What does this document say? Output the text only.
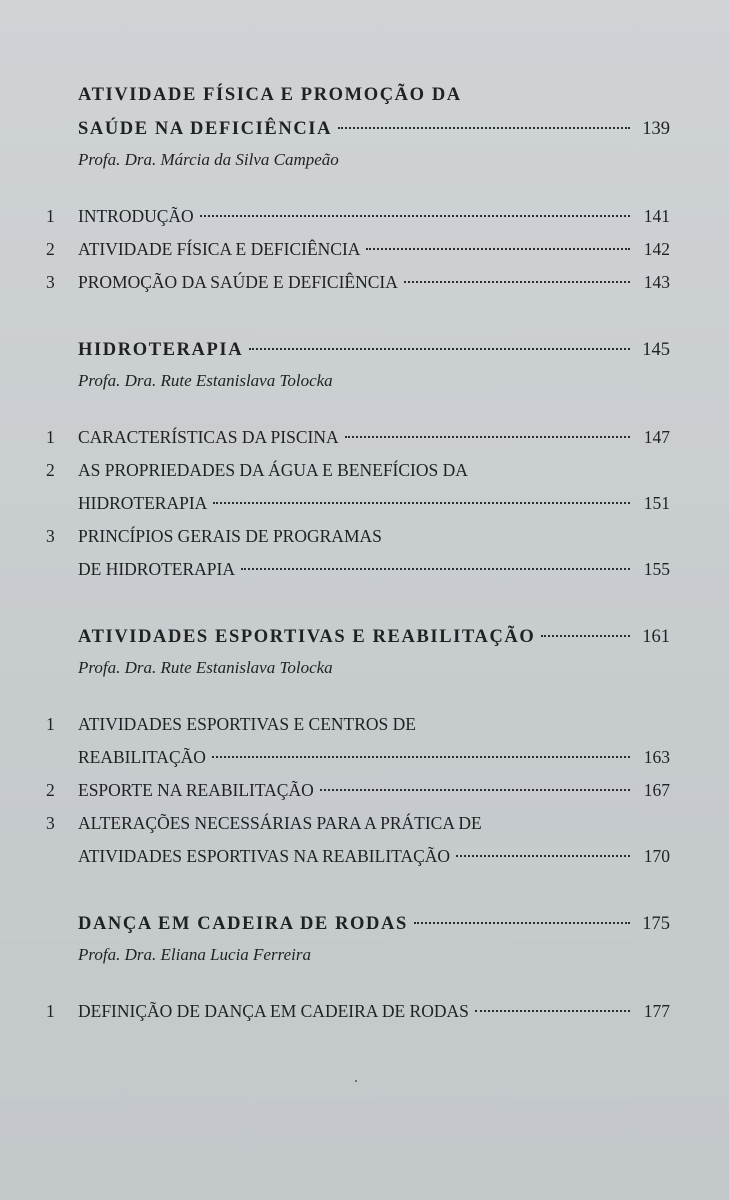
ATIVIDADE FÍSICA E PROMOÇÃO DA
SAÚDE NA DEFICIÊNCIA	139
Profa. Dra. Márcia da Silva Campeão
1	INTRODUÇÃO	141
2	ATIVIDADE FÍSICA E DEFICIÊNCIA	142
3	PROMOÇÃO DA SAÚDE E DEFICIÊNCIA	143
HIDROTERAPIA	145
Profa. Dra. Rute Estanislava Tolocka
1	CARACTERÍSTICAS DA PISCINA	147
2	AS PROPRIEDADES DA ÁGUA E BENEFÍCIOS DA
HIDROTERAPIA	151
3	PRINCÍPIOS GERAIS DE PROGRAMAS
DE HIDROTERAPIA	155
ATIVIDADES ESPORTIVAS E REABILITAÇÃO	161
Profa. Dra. Rute Estanislava Tolocka
1	ATIVIDADES ESPORTIVAS E CENTROS DE
REABILITAÇÃO	163
2	ESPORTE NA REABILITAÇÃO	167
3	ALTERAÇÕES NECESSÁRIAS PARA A PRÁTICA DE
ATIVIDADES ESPORTIVAS NA REABILITAÇÃO	170
DANÇA EM CADEIRA DE RODAS	175
Profa. Dra. Eliana Lucia Ferreira
1	DEFINIÇÃO DE DANÇA EM CADEIRA DE RODAS	177
